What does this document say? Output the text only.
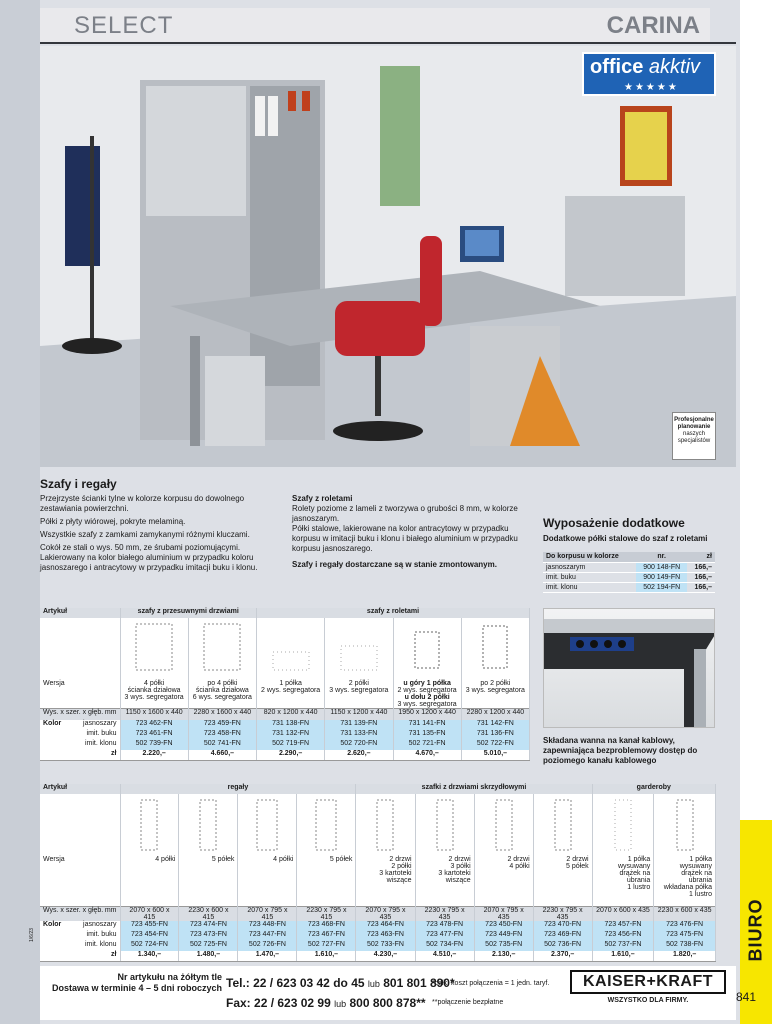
BIURO
SELECT	CARINA
office akktiv
★★★★★
Profesjonalne
planowanie
naszych
specjalistów
Szafy i regały

Przejrzyste ścianki tylne w kolorze korpusu do dowolnego zestawiania powierzchni.

Półki z płyty wiórowej, pokryte melaminą.

Wszystkie szafy z zamkami zamykanymi różnymi kluczami.

Cokół ze stali o wys. 50 mm, ze śrubami poziomującymi. Lakierowany na kolor białego aluminium w przypadku koloru jasnoszarego i antracytowy w przypadku imitacji buku i klonu.

Szafy z roletami

Rolety poziome z lameli z tworzywa o grubości 8 mm, w kolorze jasnoszarym.

Półki stalowe, lakierowane na kolor antracytowy w przypadku korpusu w imitacji buku i klonu i białego aluminium w przypadku korpusu jasnoszarego.

Szafy i regały dostarczane są w stanie zmontowanym.

Wyposażenie dodatkowe
Dodatkowe półki stalowe do szaf z roletami
Do korpusu w kolorze	nr.	zł
jasnoszarym	900 148-FN	166,–
imit. buku	900 149-FN	166,–
imit. klonu	502 194-FN	166,–
Składana wanna na kanał kablowy, zapewniająca bezproblemowy dostęp do poziomego kanału kablowego
Artykuł	szafy z przesuwnymi drzwiami		szafy z roletami			

Wersja	4 półki
ścianka działowa
3 wys. segregatora	po 4 półki
ścianka działowa
6 wys. segregatora	1 półka
2 wys. segregatora	2 półki
3 wys. segregatora	u góry 1 półka
2 wys. segregatora
u dołu 2 półki
3 wys. segregatora	po 2 półki
3 wys. segregatora
Wys. x szer. x głęb. mm	1150 x 1600 x 440	2280 x 1600 x 440	820 x 1200 x 440	1150 x 1200 x 440	1950 x 1200 x 440	2280 x 1200 x 440

Kolor jasnoszary	723 462-FN	723 459-FN	731 138-FN	731 139-FN	731 141-FN	731 142-FN
imit. buku	723 461-FN	723 458-FN	731 132-FN	731 133-FN	731 135-FN	731 136-FN
imit. klonu	502 739-FN	502 741-FN	502 719-FN	502 720-FN	502 721-FN	502 722-FN
zł	2.220,–	4.660,–	2.290,–	2.620,–	4.670,–	5.010,–
Artykuł	regały				szafki z drzwiami skrzydłowymi				garderoby	

Wersja	4 półki	5 półek	4 półki	5 półek	2 drzwi
2 półki
3 kartoteki
wiszące	2 drzwi
3 półki
3 kartoteki
wiszące	2 drzwi
4 półki	2 drzwi
5 półek	1 półka
wysuwany
drążek na ubrania
1 lustro	1 półka
wysuwany
drążek na ubrania
wkładana półka
1 lustro
Wys. x szer. x głęb. mm	2070 x 600 x 415	2230 x 600 x 415	2070 x 795 x 415	2230 x 795 x 415	2070 x 795 x 435	2230 x 795 x 435	2070 x 795 x 435	2230 x 795 x 435	2070 x 600 x 435	2230 x 600 x 435

Kolor jasnoszary	723 455-FN	723 474-FN	723 448-FN	723 468-FN	723 464-FN	723 478-FN	723 450-FN	723 470-FN	723 457-FN	723 476-FN
imit. buku	723 454-FN	723 473-FN	723 447-FN	723 467-FN	723 463-FN	723 477-FN	723 449-FN	723 469-FN	723 456-FN	723 475-FN
imit. klonu	502 724-FN	502 725-FN	502 726-FN	502 727-FN	502 733-FN	502 734-FN	502 735-FN	502 736-FN	502 737-FN	502 738-FN
zł	1.340,–	1.480,–	1.470,–	1.610,–	4.230,–	4.510,–	2.130,–	2.370,–	1.610,–	1.820,–
1/6/23
Nr artykułu na żółtym tle
Dostawa w terminie 4 – 5 dni roboczych Tel.: 22 / 623 03 42 do 45 lub 801 801 890*
*całk. koszt połączenia = 1 jedn. taryf.
Fax: 22 / 623 02 99 lub 800 800 878** **połączenie bezpłatne
KAISER+KRAFT
WSZYSTKO DLA FIRMY.	841
